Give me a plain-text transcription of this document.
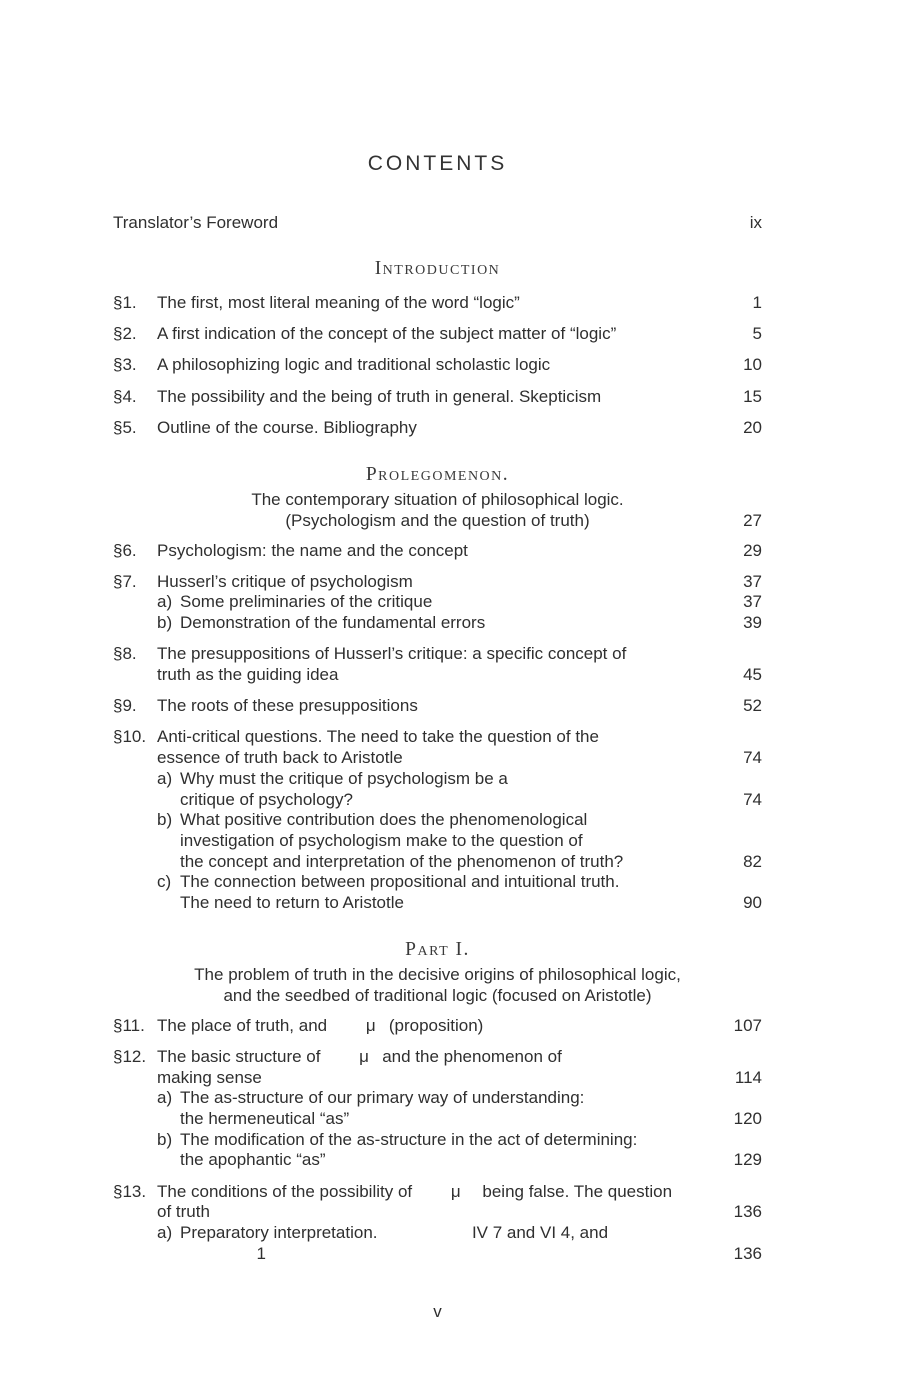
CONTENTS
Translator’s Foreword	ix
Introduction
§1.	The first, most literal meaning of the word “logic”	1
§2.	A first indication of the concept of the subject matter of “logic”	5
§3.	A philosophizing logic and traditional scholastic logic	10
§4.	The possibility and the being of truth in general. Skepticism	15
§5.	Outline of the course. Bibliography	20
Prolegomenon.
The contemporary situation of philosophical logic.
(Psychologism and the question of truth)	27
§6.	Psychologism: the name and the concept	29
§7.	Husserl’s critique of psychologism	37
a) Some preliminaries of the critique	37
b) Demonstration of the fundamental errors	39
§8.	The presuppositions of Husserl’s critique: a specific concept of
truth as the guiding idea	45
§9.	The roots of these presuppositions	52
§10. Anti-critical questions. The need to take the question of the
essence of truth back to Aristotle	74
a) Why must the critique of psychologism be a
critique of psychology?	74
b) What positive contribution does the phenomenological
investigation of psychologism make to the question of
the concept and interpretation of the phenomenon of truth?	82
c) The connection between propositional and intuitional truth.
The need to return to Aristotle	90
Part I.
The problem of truth in the decisive origins of philosophical logic,
and the seedbed of traditional logic (focused on Aristotle)
§11. The place of truth, and   μ  (proposition)	107
§12. The basic structure of   μ  and the phenomenon of
making sense	114
a) The as-structure of our primary way of understanding:
the hermeneutical “as”	120
b) The modification of the as-structure in the act of determining:
the apophantic “as”	129
§13. The conditions of the possibility of   μ   being false. The question
of truth	136
a) Preparatory interpretation.       IV 7 and VI 4, and
     1	136
v
